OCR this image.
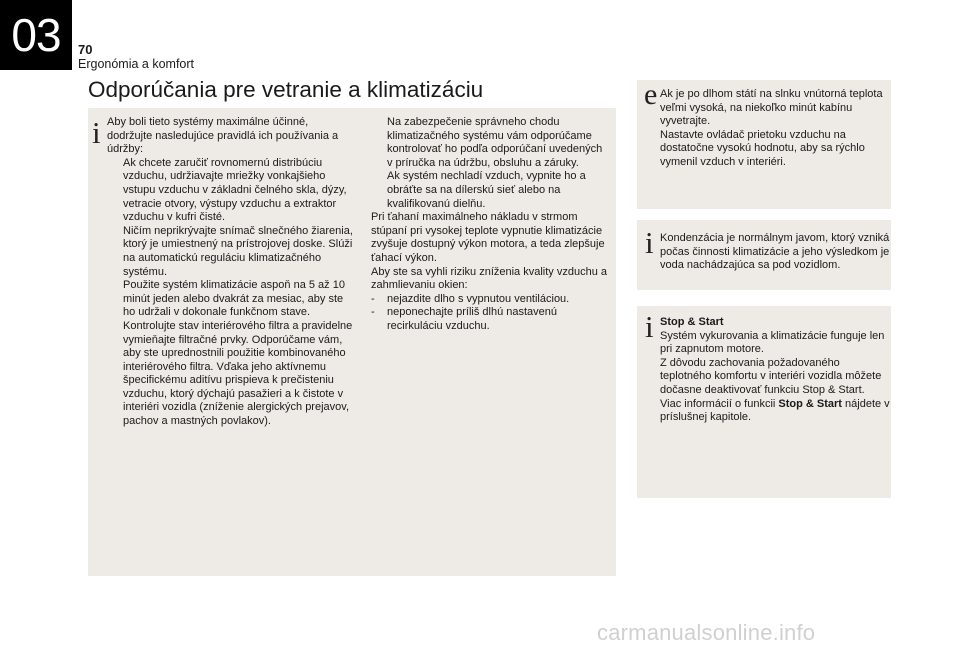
03	70
Ergonómia a komfort
Odporúčania pre vetranie a klimatizáciu
i Aby boli tieto systémy maximálne účinné, dodržujte nasledujúce pravidlá ich používania a údržby:

Ak chcete zaručiť rovnomernú distribúciu vzduchu, udržiavajte mriežky vonkajšieho vstupu vzduchu v základni čelného skla, dýzy, vetracie otvory, výstupy vzduchu a extraktor vzduchu v kufri čisté.
Ničím neprikrývajte snímač slnečného žiarenia, ktorý je umiestnený na prístrojovej doske. Slúži na automatickú reguláciu klimatizačného systému.
Použite systém klimatizácie aspoň na 5 až 10 minút jeden alebo dvakrát za mesiac, aby ste ho udržali v dokonale funkčnom stave.
Kontrolujte stav interiérového filtra a pravidelne vymieňajte filtračné prvky. Odporúčame vám, aby ste uprednostnili použitie kombinovaného interiérového filtra. Vďaka jeho aktívnemu špecifickému aditívu prispieva k prečisteniu vzduchu, ktorý dýchajú pasažieri a k čistote v interiéri vozidla (zníženie alergických prejavov, pachov a mastných povlakov).
Na zabezpečenie správneho chodu klimatizačného systému vám odporúčame kontrolovať ho podľa odporúčaní uvedených v príručka na údržbu, obsluhu a záruky.
Ak systém nechladí vzduch, vypnite ho a obráťte sa na dílerskú sieť alebo na kvalifikovanú dielňu.

Pri ťahaní maximálneho nákladu v strmom stúpaní pri vysokej teplote vypnutie klimatizácie zvyšuje dostupný výkon motora, a teda zlepšuje ťahací výkon.

Aby ste sa vyhli riziku zníženia kvality vzduchu a zahmlievaniu okien:

- nejazdite dlho s vypnutou ventiláciou.
- neponechajte príliš dlhú nastavenú recirkuláciu vzduchu.
e Ak je po dlhom státí na slnku vnútorná teplota veľmi vysoká, na niekoľko minút kabínu vyvetrajte.

Nastavte ovládač prietoku vzduchu na dostatočne vysokú hodnotu, aby sa rýchlo vymenil vzduch v interiéri.

i Kondenzácia je normálnym javom, ktorý vzniká počas činnosti klimatizácie a jeho výsledkom je voda nachádzajúca sa pod vozidlom.
i Stop & Start

Systém vykurovania a klimatizácie funguje len pri zapnutom motore.

Z dôvodu zachovania požadovaného teplotného komfortu v interiéri vozidla môžete dočasne deaktivovať funkciu Stop & Start.

Viac informácií o funkcii Stop & Start nájdete v príslušnej kapitole.

carmanualsonline.info
